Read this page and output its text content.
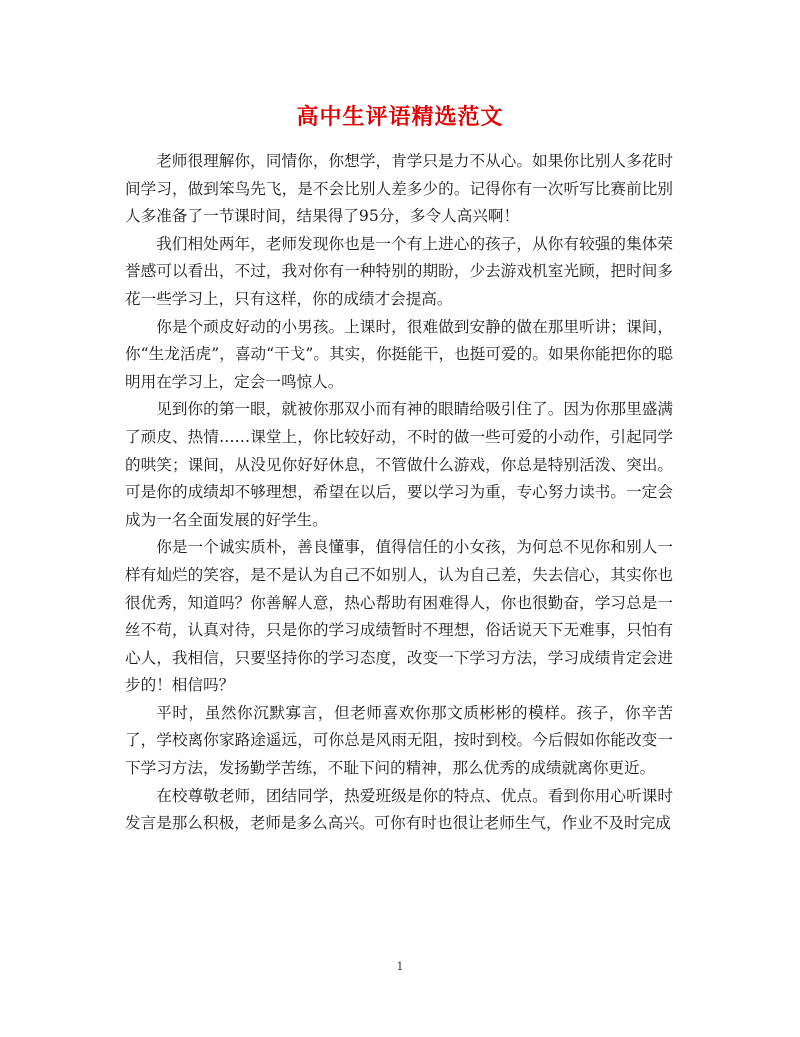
高中生评语精选范文

老师很理解你，同情你，你想学，肯学只是力不从心。如果你比别人多花时间学习，做到笨鸟先飞，是不会比别人差多少的。记得你有一次听写比赛前比别人多准备了一节课时间，结果得了95分，多令人高兴啊！

我们相处两年，老师发现你也是一个有上进心的孩子，从你有较强的集体荣誉感可以看出，不过，我对你有一种特别的期盼，少去游戏机室光顾，把时间多花一些学习上，只有这样，你的成绩才会提高。

你是个顽皮好动的小男孩。上课时，很难做到安静的做在那里听讲；课间，你“生龙活虎”，喜动“干戈”。其实，你挺能干，也挺可爱的。如果你能把你的聪明用在学习上，定会一鸣惊人。

见到你的第一眼，就被你那双小而有神的眼睛给吸引住了。因为你那里盛满了顽皮、热情……课堂上，你比较好动，不时的做一些可爱的小动作，引起同学的哄笑；课间，从没见你好好休息，不管做什么游戏，你总是特别活泼、突出。可是你的成绩却不够理想，希望在以后，要以学习为重，专心努力读书。一定会成为一名全面发展的好学生。

你是一个诚实质朴，善良懂事，值得信任的小女孩，为何总不见你和别人一样有灿烂的笑容，是不是认为自己不如别人，认为自己差，失去信心，其实你也很优秀，知道吗？你善解人意，热心帮助有困难得人，你也很勤奋，学习总是一丝不苟，认真对待，只是你的学习成绩暂时不理想，俗话说天下无难事，只怕有心人，我相信，只要坚持你的学习态度，改变一下学习方法，学习成绩肯定会进步的！相信吗？

平时，虽然你沉默寡言，但老师喜欢你那文质彬彬的模样。孩子，你辛苦了，学校离你家路途遥远，可你总是风雨无阻，按时到校。今后假如你能改变一下学习方法，发扬勤学苦练，不耻下问的精神，那么优秀的成绩就离你更近。

在校尊敬老师，团结同学，热爱班级是你的特点、优点。看到你用心听课时发言是那么积极，老师是多么高兴。可你有时也很让老师生气，作业不及时完成

1
